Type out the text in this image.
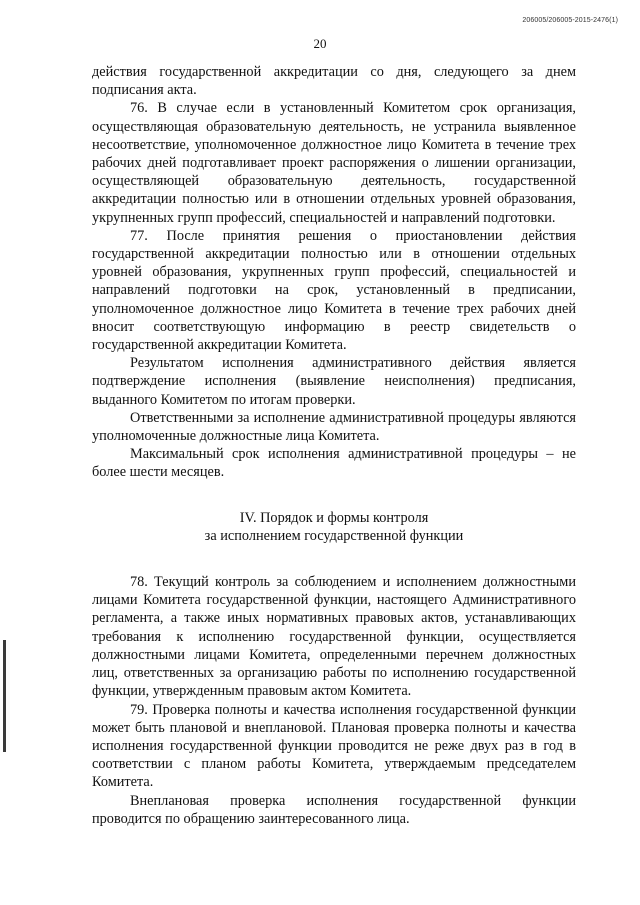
206005/206005-2015-2476(1)
20

действия государственной аккредитации со дня, следующего за днем подписания акта.

76. В случае если в установленный Комитетом срок организация, осуществляющая образовательную деятельность, не устранила выявленное несоответствие, уполномоченное должностное лицо Комитета в течение трех рабочих дней подготавливает проект распоряжения о лишении организации, осуществляющей образовательную деятельность, государственной аккредитации полностью или в отношении отдельных уровней образования, укрупненных групп профессий, специальностей и направлений подготовки.

77. После принятия решения о приостановлении действия государственной аккредитации полностью или в отношении отдельных уровней образования, укрупненных групп профессий, специальностей и направлений подготовки на срок, установленный в предписании, уполномоченное должностное лицо Комитета в течение трех рабочих дней вносит соответствующую информацию в реестр свидетельств о государственной аккредитации Комитета.

Результатом исполнения административного действия является подтверждение исполнения (выявление неисполнения) предписания, выданного Комитетом по итогам проверки.

Ответственными за исполнение административной процедуры являются уполномоченные должностные лица Комитета.

Максимальный срок исполнения административной процедуры – не более шести месяцев.

IV. Порядок и формы контроля
за исполнением государственной функции

78. Текущий контроль за соблюдением и исполнением должностными лицами Комитета государственной функции, настоящего Административного регламента, а также иных нормативных правовых актов, устанавливающих требования к исполнению государственной функции, осуществляется должностными лицами Комитета, определенными перечнем должностных лиц, ответственных за организацию работы по исполнению государственной функции, утвержденным правовым актом Комитета.

79. Проверка полноты и качества исполнения государственной функции может быть плановой и внеплановой. Плановая проверка полноты и качества исполнения государственной функции проводится не реже двух раз в год в соответствии с планом работы Комитета, утверждаемым председателем Комитета.

Внеплановая проверка исполнения государственной функции проводится по обращению заинтересованного лица.
